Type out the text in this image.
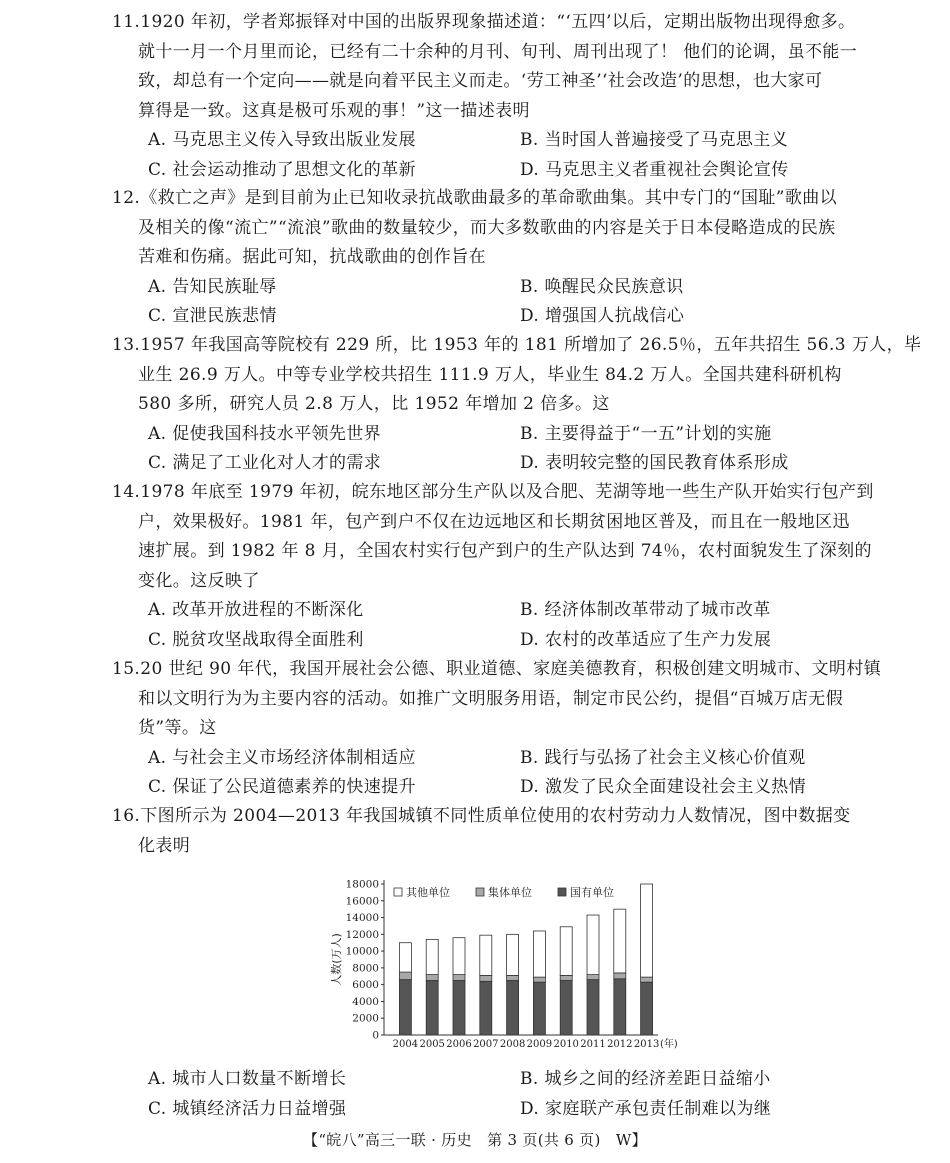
11.1920 年初，学者郑振铎对中国的出版界现象描述道：“‘五四’以后，定期出版物出现得愈多。
就十一月一个月里而论，已经有二十余种的月刊、旬刊、周刊出现了！ 他们的论调，虽不能一
致，却总有一个定向——就是向着平民主义而走。‘劳工神圣’‘社会改造’的思想，也大家可
算得是一致。这真是极可乐观的事！”这一描述表明
A. 马克思主义传入导致出版业发展	B. 当时国人普遍接受了马克思主义
C. 社会运动推动了思想文化的革新	D. 马克思主义者重视社会舆论宣传
12.《救亡之声》是到目前为止已知收录抗战歌曲最多的革命歌曲集。其中专门的“国耻”歌曲以
及相关的像“流亡”“流浪”歌曲的数量较少，而大多数歌曲的内容是关于日本侵略造成的民族
苦难和伤痛。据此可知，抗战歌曲的创作旨在
A. 告知民族耻辱	B. 唤醒民众民族意识
C. 宣泄民族悲情	D. 增强国人抗战信心
13.1957 年我国高等院校有 229 所，比 1953 年的 181 所增加了 26.5％，五年共招生 56.3 万人，毕
业生 26.9 万人。中等专业学校共招生 111.9 万人，毕业生 84.2 万人。全国共建科研机构
580 多所，研究人员 2.8 万人，比 1952 年增加 2 倍多。这
A. 促使我国科技水平领先世界	B. 主要得益于“一五”计划的实施
C. 满足了工业化对人才的需求	D. 表明较完整的国民教育体系形成
14.1978 年底至 1979 年初，皖东地区部分生产队以及合肥、芜湖等地一些生产队开始实行包产到
户，效果极好。1981 年，包产到户不仅在边远地区和长期贫困地区普及，而且在一般地区迅
速扩展。到 1982 年 8 月，全国农村实行包产到户的生产队达到 74％，农村面貌发生了深刻的
变化。这反映了
A. 改革开放进程的不断深化	B. 经济体制改革带动了城市改革
C. 脱贫攻坚战取得全面胜利	D. 农村的改革适应了生产力发展
15.20 世纪 90 年代，我国开展社会公德、职业道德、家庭美德教育，积极创建文明城市、文明村镇
和以文明行为为主要内容的活动。如推广文明服务用语，制定市民公约，提倡“百城万店无假
货”等。这
A. 与社会主义市场经济体制相适应	B. 践行与弘扬了社会主义核心价值观
C. 保证了公民道德素养的快速提升	D. 激发了民众全面建设社会主义热情
16.下图所示为 2004—2013 年我国城镇不同性质单位使用的农村劳动力人数情况，图中数据变
化表明
0
2000
4000
6000
8000
10000
12000
14000
16000
18000
人数(万人)
2004 2005 2006 2007 2008 2009 2010 2011 2012 2013 (年)
其他单位	集体单位	国有单位
A. 城市人口数量不断增长	B. 城乡之间的经济差距日益缩小
C. 城镇经济活力日益增强	D. 家庭联产承包责任制难以为继
【“皖八”高三一联 · 历史　第 3 页(共 6 页)　W】
